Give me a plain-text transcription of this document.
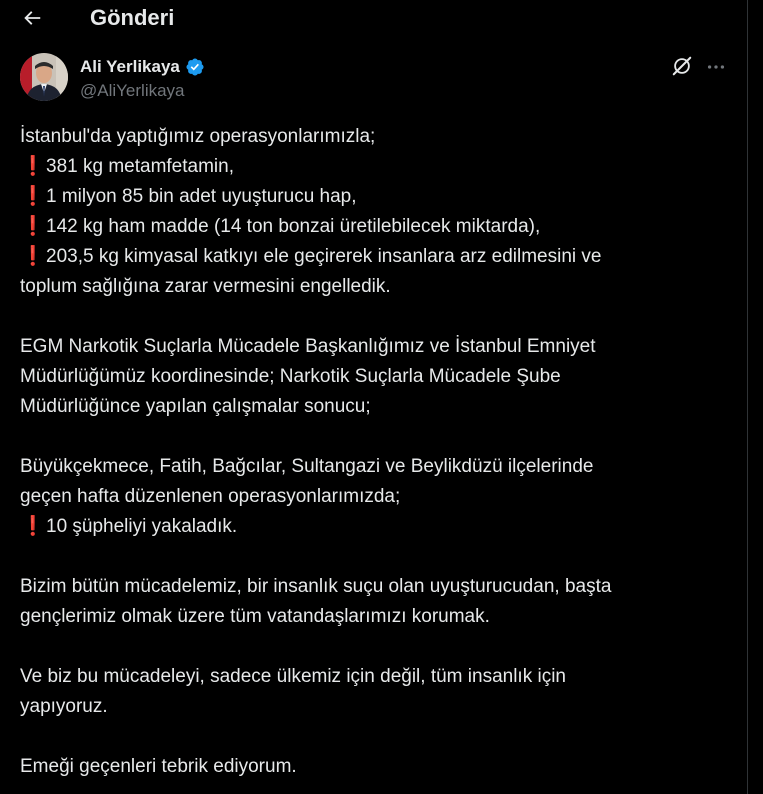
Gönderi
Ali Yerlikaya
@AliYerlikaya
İstanbul'da yaptığımız operasyonlarımızla;
❗381 kg metamfetamin,
❗1 milyon 85 bin adet uyuşturucu hap,
❗142 kg ham madde (14 ton bonzai üretilebilecek miktarda),
❗203,5 kg kimyasal katkıyı ele geçirerek insanlara arz edilmesini ve
toplum sağlığına zarar vermesini engelledik.
EGM Narkotik Suçlarla Mücadele Başkanlığımız ve İstanbul Emniyet
Müdürlüğümüz koordinesinde; Narkotik Suçlarla Mücadele Şube
Müdürlüğünce yapılan çalışmalar sonucu;
Büyükçekmece, Fatih, Bağcılar, Sultangazi ve Beylikdüzü ilçelerinde
geçen hafta düzenlenen operasyonlarımızda;
❗10 şüpheliyi yakaladık.
Bizim bütün mücadelemiz, bir insanlık suçu olan uyuşturucudan, başta
gençlerimiz olmak üzere tüm vatandaşlarımızı korumak.
Ve biz bu mücadeleyi, sadece ülkemiz için değil, tüm insanlık için
yapıyoruz.
Emeği geçenleri tebrik ediyorum.
